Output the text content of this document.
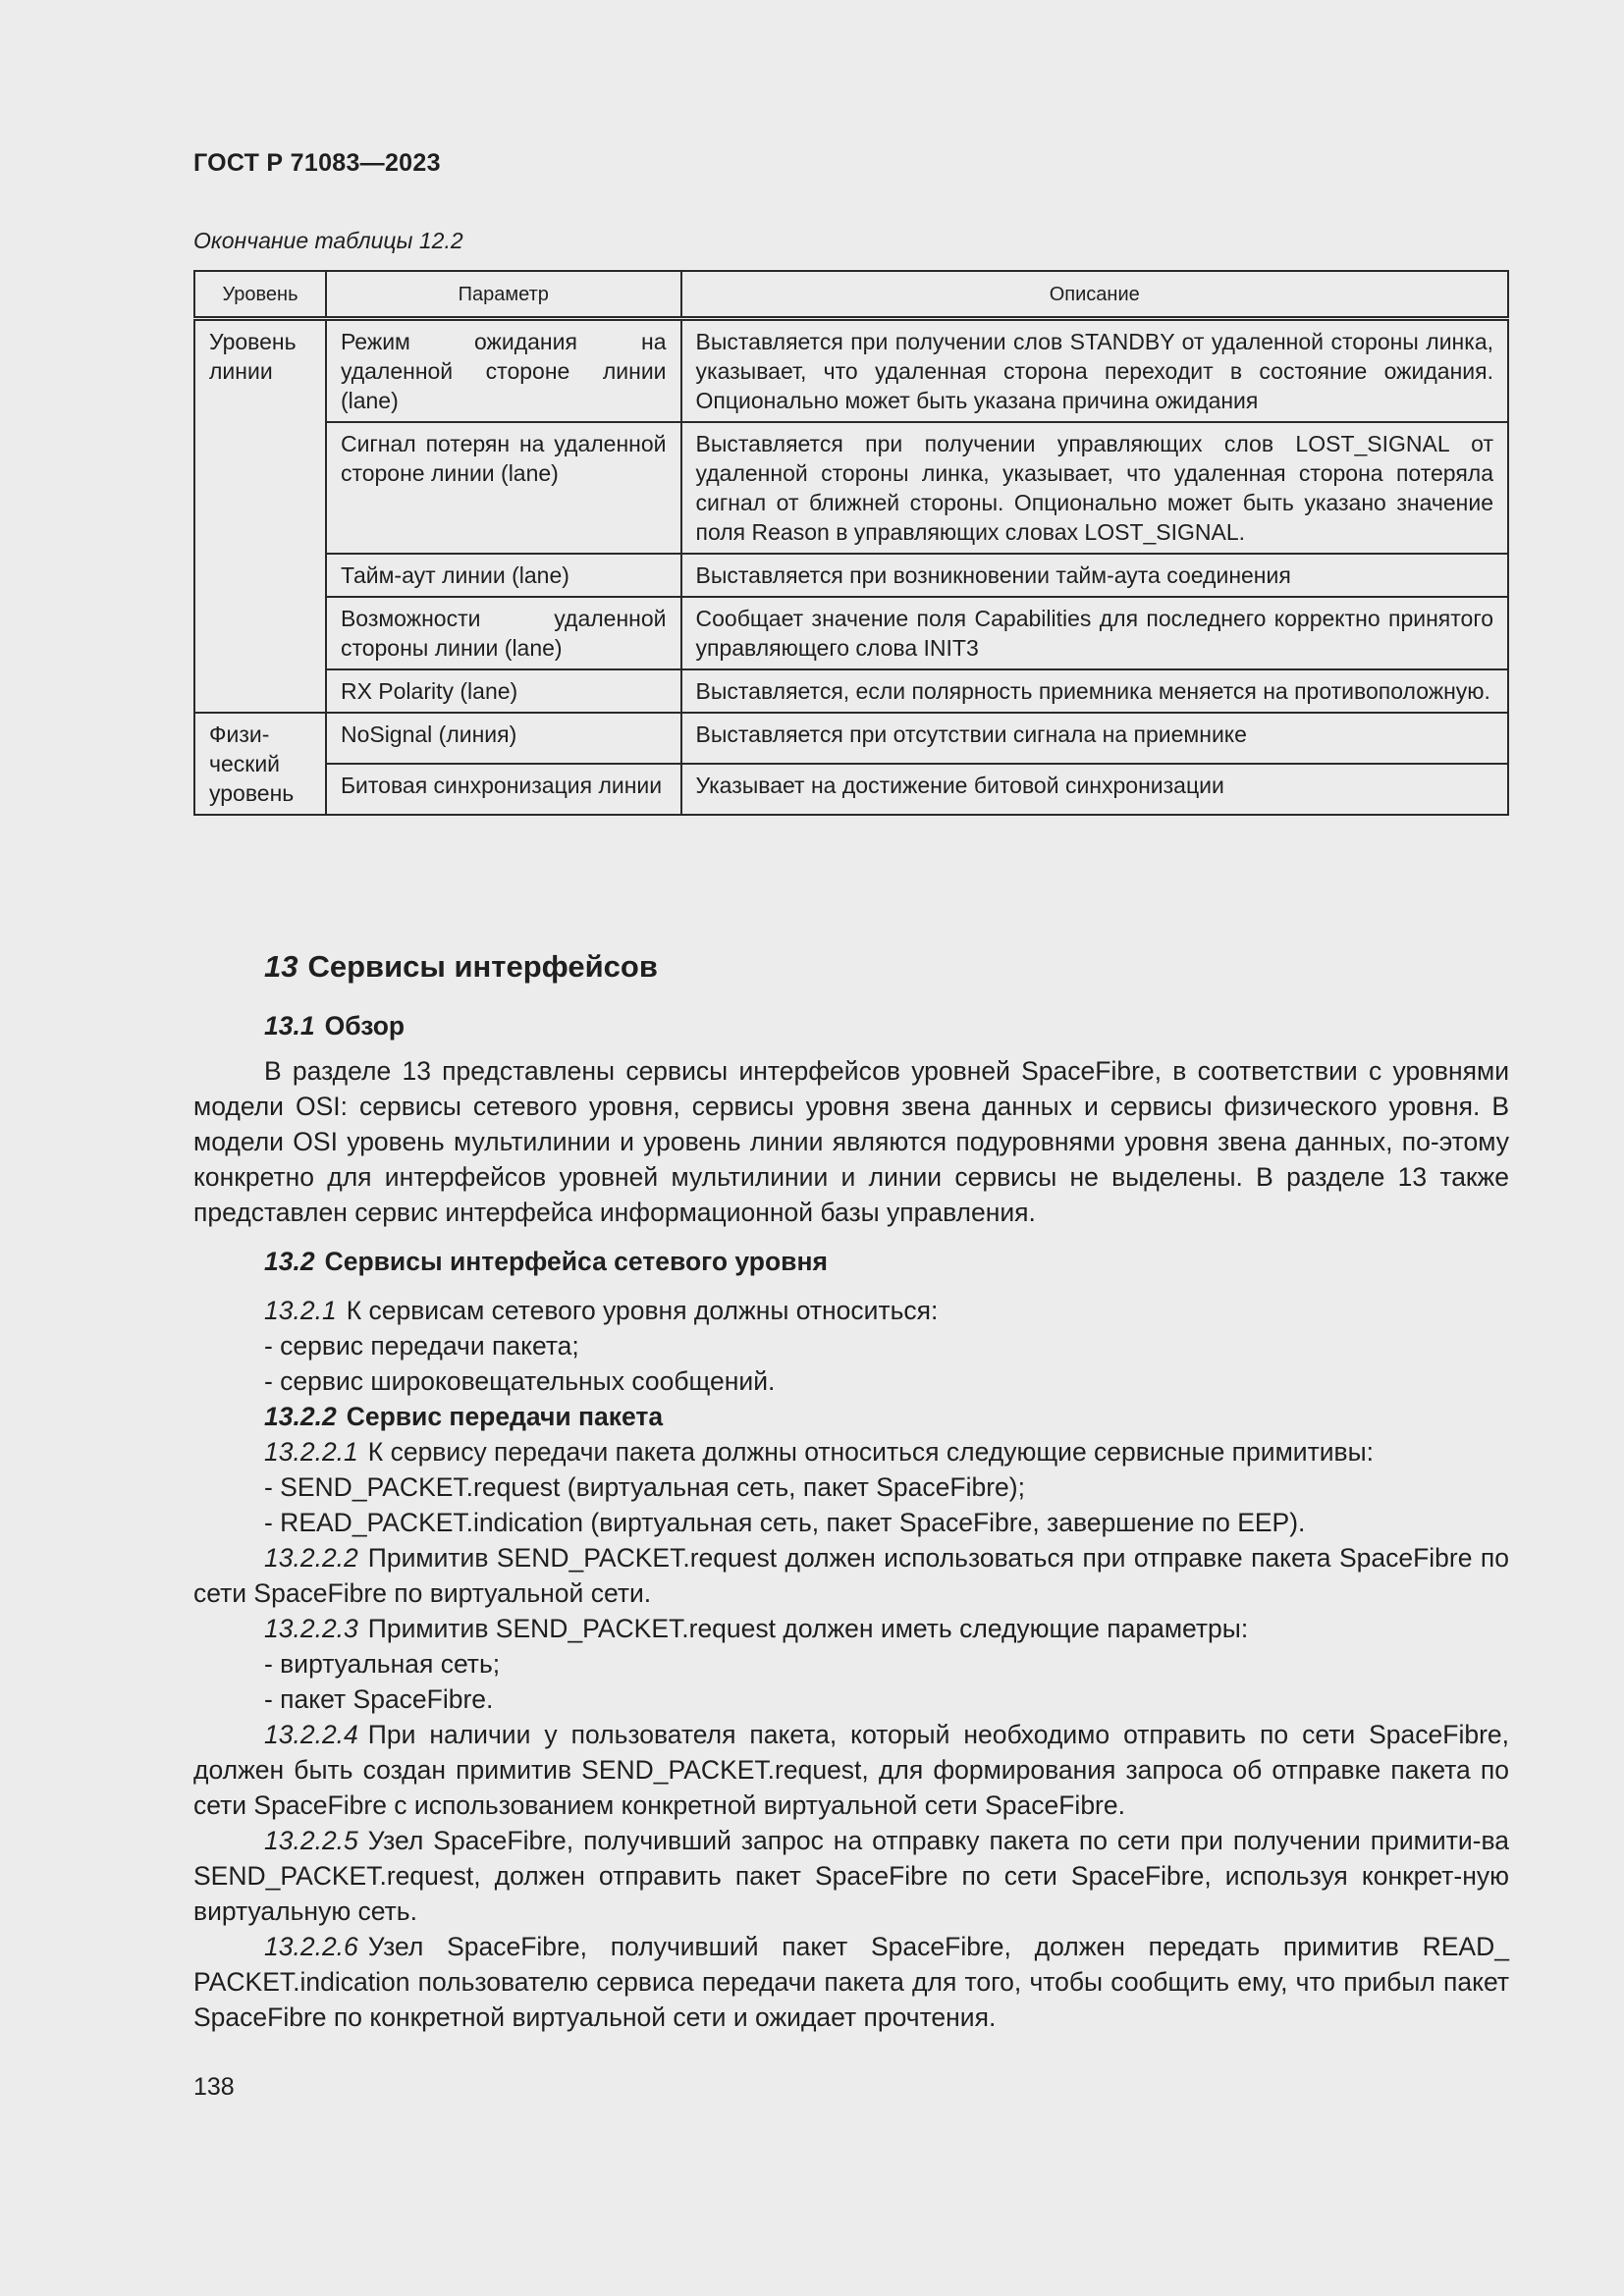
ГОСТ Р 71083—2023
Окончание таблицы 12.2
Уровень	Параметр	Описание
Уровень линии	Режим ожидания на удаленной стороне линии (lane)	Выставляется при получении слов STANDBY от удаленной стороны линка, указывает, что удаленная сторона переходит в состояние ожидания. Опционально может быть указана причина ожидания
	Сигнал потерян на удаленной стороне линии (lane)	Выставляется при получении управляющих слов LOST_SIGNAL от удаленной стороны линка, указывает, что удаленная сторона потеряла сигнал от ближней стороны. Опционально может быть указано значение поля Reason в управляющих словах LOST_SIGNAL.
	Тайм-аут линии (lane)	Выставляется при возникновении тайм-аута соединения
	Возможности удаленной стороны линии (lane)	Сообщает значение поля Capabilities для последнего корректно принятого управляющего слова INIT3
	RX Polarity (lane)	Выставляется, если полярность приемника меняется на противоположную.
Физи-ческий уровень	NoSignal (линия)	Выставляется при отсутствии сигнала на приемнике
	Битовая синхронизация линии	Указывает на достижение битовой синхронизации
13 Сервисы интерфейсов
13.1 Обзор

В разделе 13 представлены сервисы интерфейсов уровней SpaceFibre, в соответствии с уровнями модели OSI: сервисы сетевого уровня, сервисы уровня звена данных и сервисы физического уровня. В модели OSI уровень мультилинии и уровень линии являются подуровнями уровня звена данных, по-этому конкретно для интерфейсов уровней мультилинии и линии сервисы не выделены. В разделе 13 также представлен сервис интерфейса информационной базы управления.

13.2 Сервисы интерфейса сетевого уровня

13.2.1 К сервисам сетевого уровня должны относиться:

- сервис передачи пакета;

- сервис широковещательных сообщений.

13.2.2 Сервис передачи пакета

13.2.2.1 К сервису передачи пакета должны относиться следующие сервисные примитивы:

- SEND_PACKET.request (виртуальная сеть, пакет SpaceFibre);

- READ_PACKET.indication (виртуальная сеть, пакет SpaceFibre, завершение по EEP).

13.2.2.2 Примитив SEND_PACKET.request должен использоваться при отправке пакета SpaceFibre по сети SpaceFibre по виртуальной сети.

13.2.2.3 Примитив SEND_PACKET.request должен иметь следующие параметры:

- виртуальная сеть;

- пакет SpaceFibre.

13.2.2.4 При наличии у пользователя пакета, который необходимо отправить по сети SpaceFibre, должен быть создан примитив SEND_PACKET.request, для формирования запроса об отправке пакета по сети SpaceFibre с использованием конкретной виртуальной сети SpaceFibre.

13.2.2.5 Узел SpaceFibre, получивший запрос на отправку пакета по сети при получении примити-ва SEND_PACKET.request, должен отправить пакет SpaceFibre по сети SpaceFibre, используя конкрет-ную виртуальную сеть.

13.2.2.6 Узел SpaceFibre, получивший пакет SpaceFibre, должен передать примитив READ_ PACKET.indication пользователю сервиса передачи пакета для того, чтобы сообщить ему, что прибыл пакет SpaceFibre по конкретной виртуальной сети и ожидает прочтения.

138
